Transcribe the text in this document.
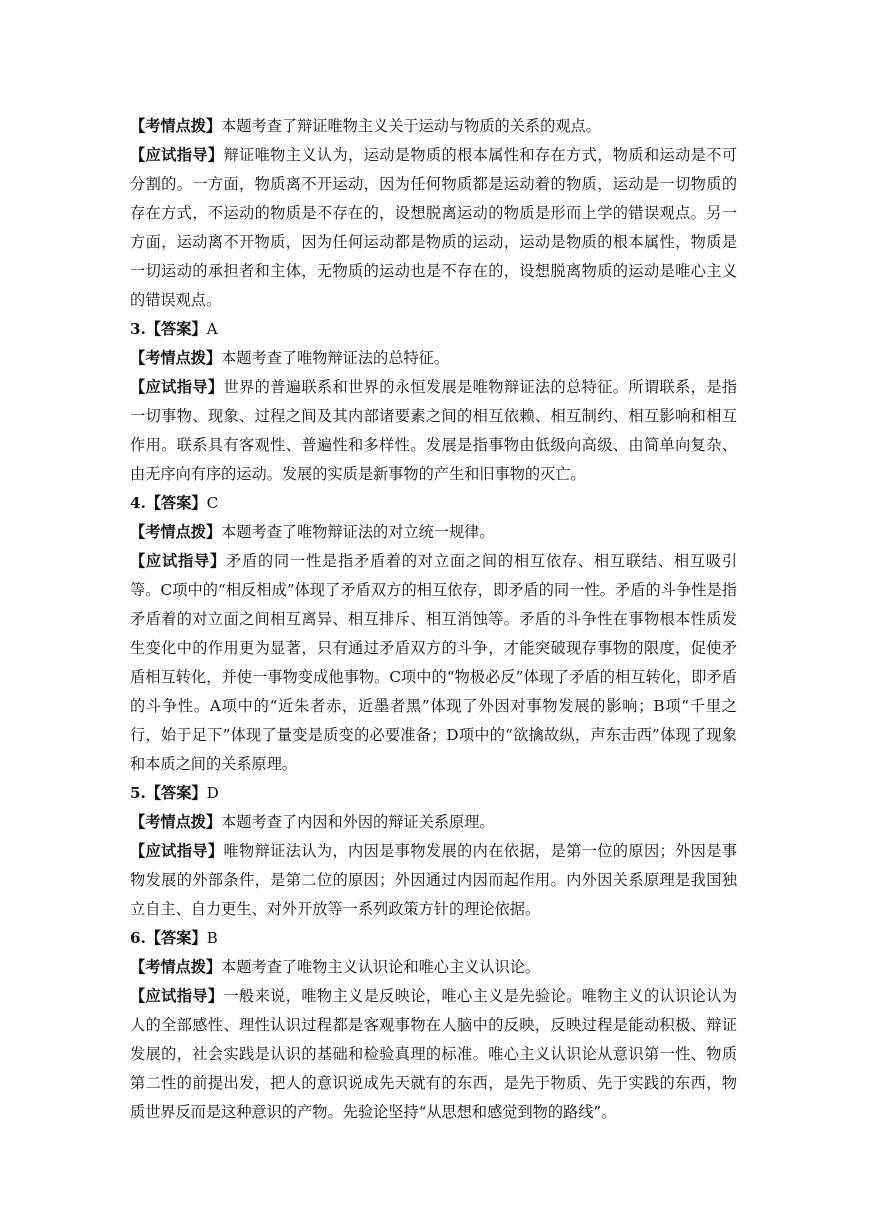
【考情点拨】本题考查了辩证唯物主义关于运动与物质的关系的观点。

【应试指导】辩证唯物主义认为，运动是物质的根本属性和存在方式，物质和运动是不可分割的。一方面，物质离不开运动，因为任何物质都是运动着的物质，运动是一切物质的存在方式，不运动的物质是不存在的，设想脱离运动的物质是形而上学的错误观点。另一方面，运动离不开物质，因为任何运动都是物质的运动，运动是物质的根本属性，物质是一切运动的承担者和主体，无物质的运动也是不存在的，设想脱离物质的运动是唯心主义的错误观点。

3.【答案】A

【考情点拨】本题考查了唯物辩证法的总特征。

【应试指导】世界的普遍联系和世界的永恒发展是唯物辩证法的总特征。所谓联系，是指一切事物、现象、过程之间及其内部诸要素之间的相互依赖、相互制约、相互影响和相互作用。联系具有客观性、普遍性和多样性。发展是指事物由低级向高级、由简单向复杂、由无序向有序的运动。发展的实质是新事物的产生和旧事物的灭亡。

4.【答案】C

【考情点拨】本题考查了唯物辩证法的对立统一规律。

【应试指导】矛盾的同一性是指矛盾着的对立面之间的相互依存、相互联结、相互吸引等。C项中的“相反相成”体现了矛盾双方的相互依存，即矛盾的同一性。矛盾的斗争性是指矛盾着的对立面之间相互离异、相互排斥、相互消蚀等。矛盾的斗争性在事物根本性质发生变化中的作用更为显著，只有通过矛盾双方的斗争，才能突破现存事物的限度，促使矛盾相互转化，并使一事物变成他事物。C项中的“物极必反”体现了矛盾的相互转化，即矛盾的斗争性。A项中的“近朱者赤，近墨者黑”体现了外因对事物发展的影响；B项“千里之行，始于足下”体现了量变是质变的必要准备；D项中的“欲擒故纵，声东击西”体现了现象和本质之间的关系原理。

5.【答案】D

【考情点拨】本题考查了内因和外因的辩证关系原理。

【应试指导】唯物辩证法认为，内因是事物发展的内在依据，是第一位的原因；外因是事物发展的外部条件，是第二位的原因；外因通过内因而起作用。内外因关系原理是我国独立自主、自力更生、对外开放等一系列政策方针的理论依据。

6.【答案】B

【考情点拨】本题考查了唯物主义认识论和唯心主义认识论。

【应试指导】一般来说，唯物主义是反映论，唯心主义是先验论。唯物主义的认识论认为人的全部感性、理性认识过程都是客观事物在人脑中的反映，反映过程是能动积极、辩证发展的，社会实践是认识的基础和检验真理的标准。唯心主义认识论从意识第一性、物质第二性的前提出发，把人的意识说成先天就有的东西，是先于物质、先于实践的东西，物质世界反而是这种意识的产物。先验论坚持“从思想和感觉到物的路线”。
